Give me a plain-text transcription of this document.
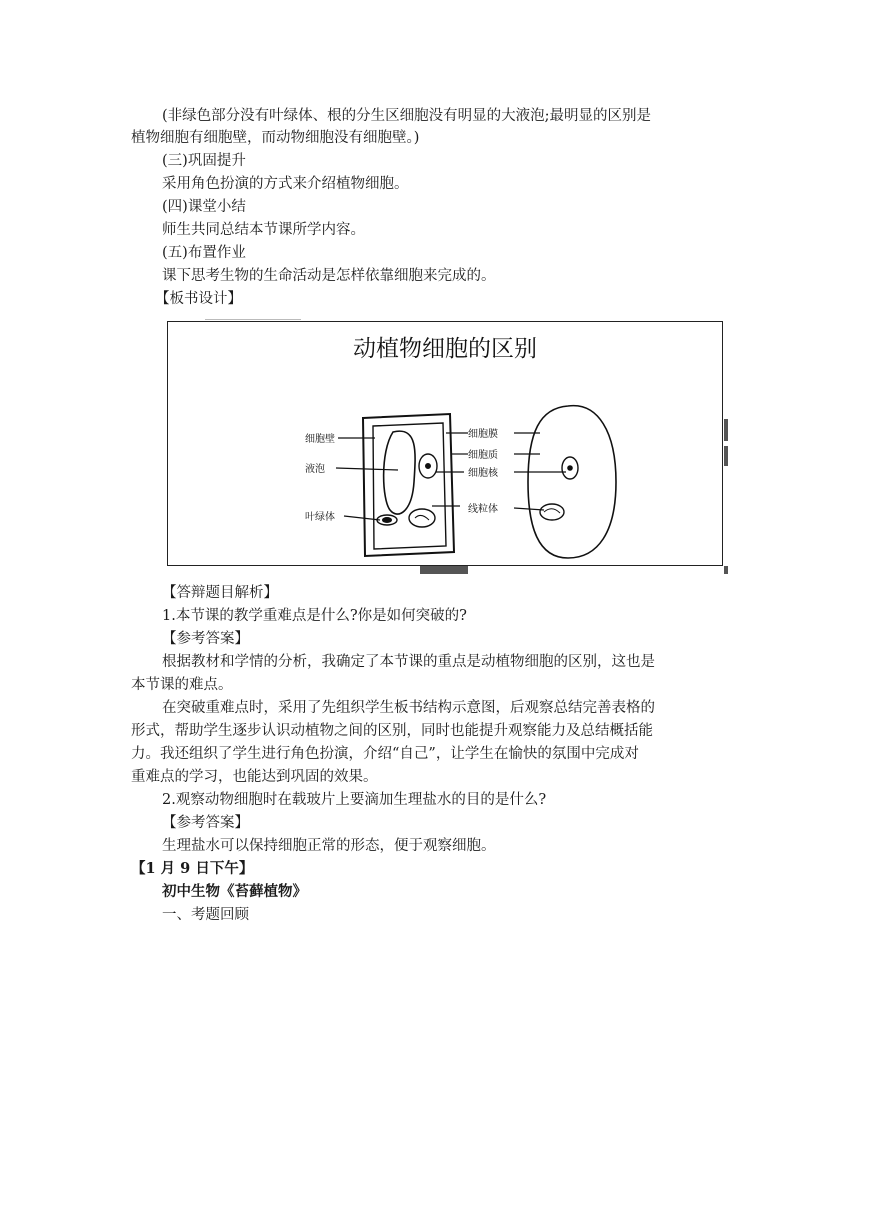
(非绿色部分没有叶绿体、根的分生区细胞没有明显的大液泡;最明显的区别是
植物细胞有细胞壁，而动物细胞没有细胞壁。)
(三)巩固提升
采用角色扮演的方式来介绍植物细胞。
(四)课堂小结
师生共同总结本节课所学内容。
(五)布置作业
课下思考生物的生命活动是怎样依靠细胞来完成的。
【板书设计】
动植物细胞的区别
细胞壁
液泡
叶绿体
细胞膜
细胞质
细胞核
线粒体
【答辩题目解析】
1.本节课的教学重难点是什么?你是如何突破的?
【参考答案】
根据教材和学情的分析，我确定了本节课的重点是动植物细胞的区别，这也是
本节课的难点。
在突破重难点时，采用了先组织学生板书结构示意图，后观察总结完善表格的
形式，帮助学生逐步认识动植物之间的区别，同时也能提升观察能力及总结概括能
力。我还组织了学生进行角色扮演，介绍“自己”，让学生在愉快的氛围中完成对
重难点的学习，也能达到巩固的效果。
2.观察动物细胞时在载玻片上要滴加生理盐水的目的是什么?
【参考答案】
生理盐水可以保持细胞正常的形态，便于观察细胞。
【1 月 9 日下午】
初中生物《苔藓植物》
一、考题回顾
